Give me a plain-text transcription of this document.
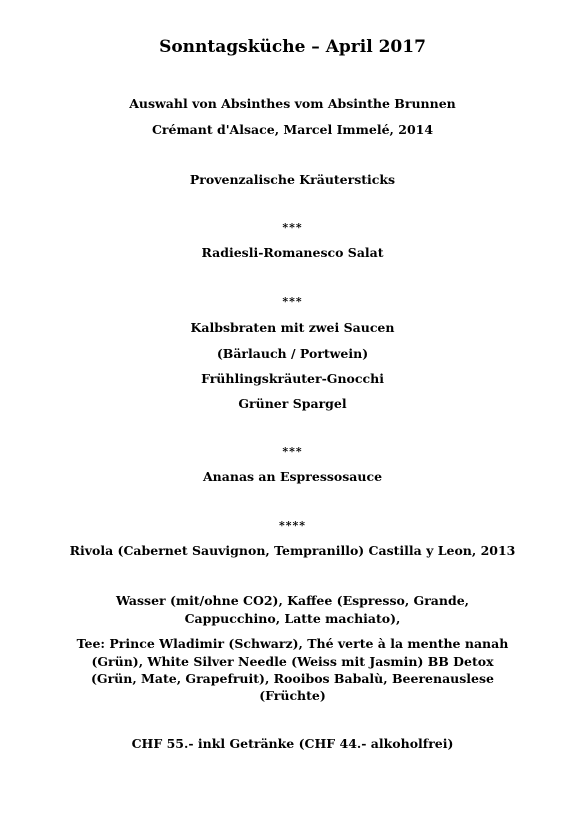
Sonntagsküche – April 2017
Auswahl von Absinthes vom Absinthe Brunnen
Crémant d'Alsace, Marcel Immelé, 2014
Provenzalische Kräutersticks
***
Radiesli-Romanesco Salat
***
Kalbsbraten mit zwei Saucen
(Bärlauch / Portwein)
Frühlingskräuter-Gnocchi
Grüner Spargel
***
Ananas an Espressosauce
****
Rivola (Cabernet Sauvignon, Tempranillo) Castilla y Leon, 2013
Wasser (mit/ohne CO2), Kaffee (Espresso, Grande,
Cappucchino, Latte machiato),
Tee: Prince Wladimir (Schwarz), Thé verte à la menthe nanah
(Grün), White Silver Needle (Weiss mit Jasmin) BB Detox
(Grün, Mate, Grapefruit), Rooibos Babalù, Beerenauslese
(Früchte)
CHF 55.- inkl Getränke (CHF 44.- alkoholfrei)
